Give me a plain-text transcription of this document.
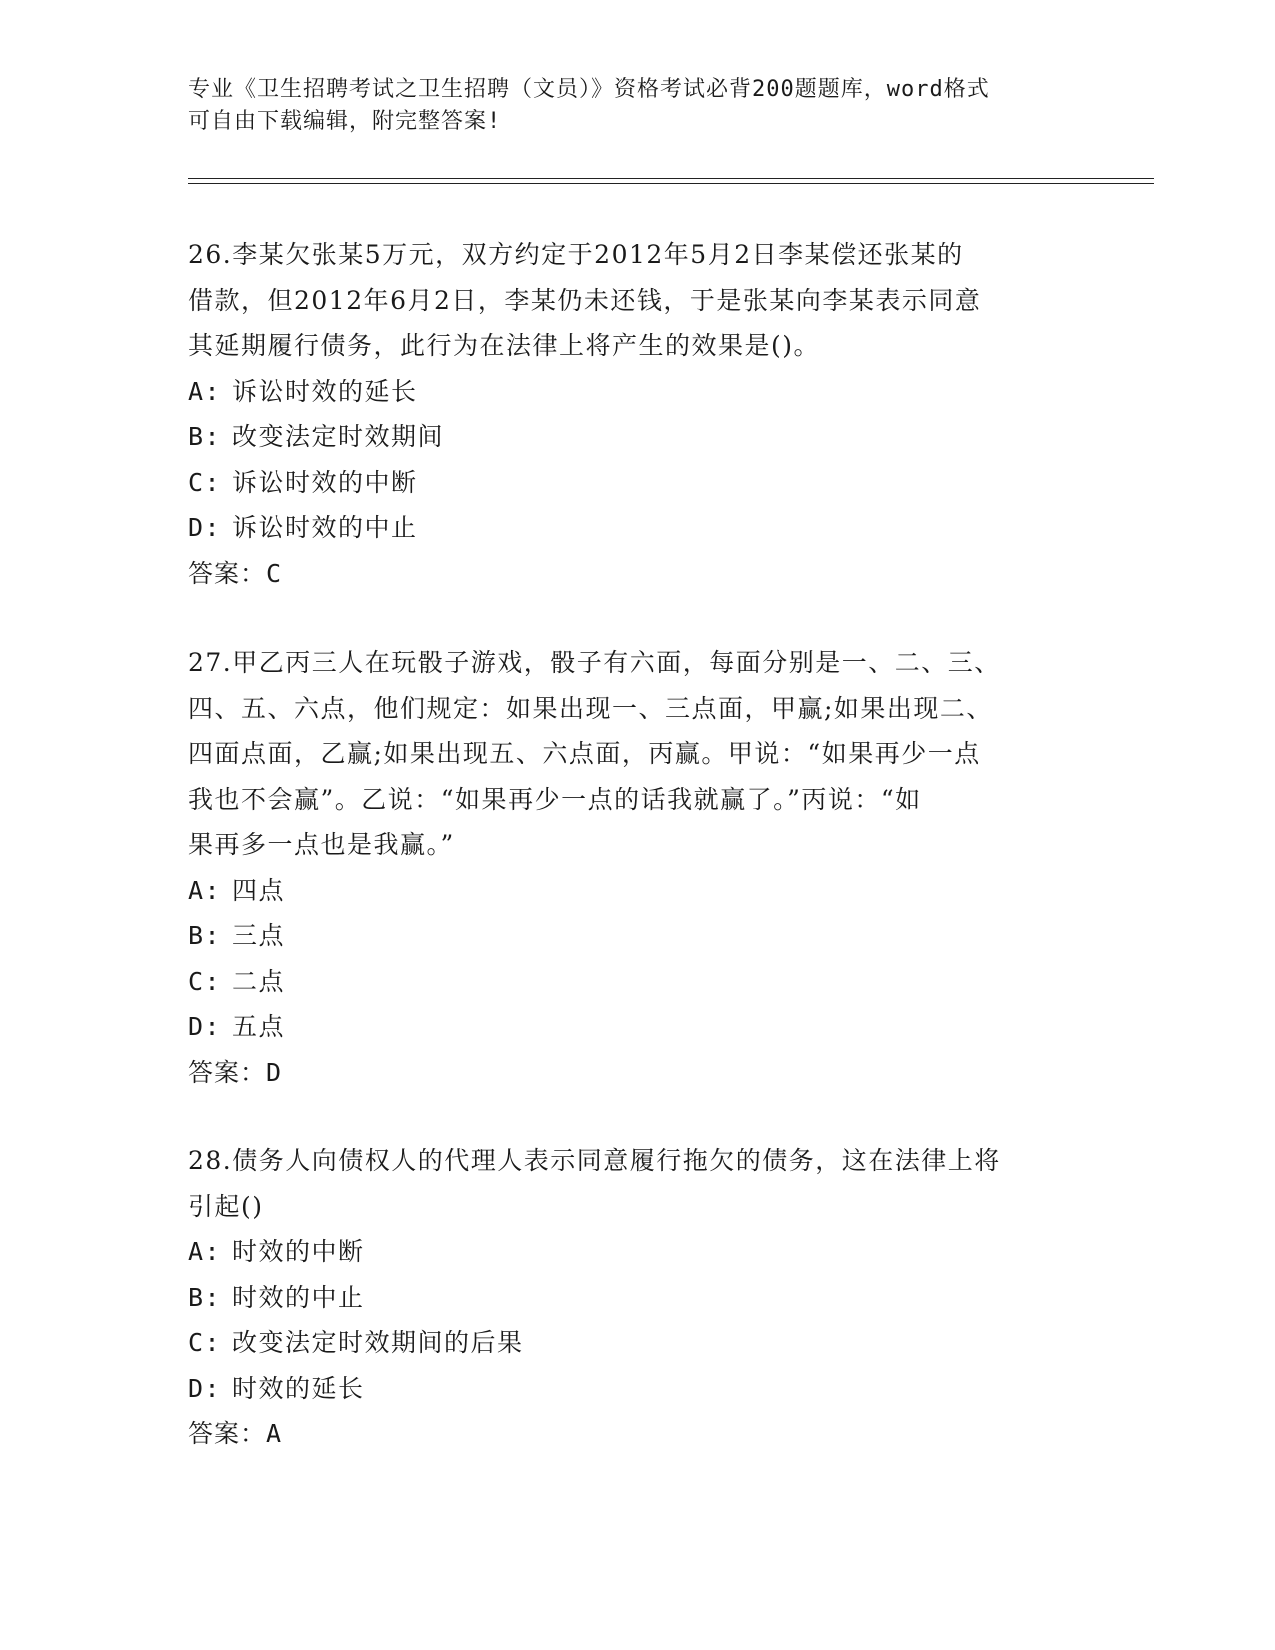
专业《卫生招聘考试之卫生招聘（文员）》资格考试必背200题题库，word格式
可自由下载编辑，附完整答案!
26.李某欠张某5万元，双方约定于2012年5月2日李某偿还张某的
借款，但2012年6月2日，李某仍未还钱，于是张某向李某表示同意
其延期履行债务，此行为在法律上将产生的效果是()。
A: 诉讼时效的延长
B: 改变法定时效期间
C: 诉讼时效的中断
D: 诉讼时效的中止
答案：C
27.甲乙丙三人在玩骰子游戏，骰子有六面，每面分别是一、二、三、
四、五、六点，他们规定：如果出现一、三点面，甲赢;如果出现二、
四面点面，乙赢;如果出现五、六点面，丙赢。甲说：“如果再少一点
我也不会赢”。乙说：“如果再少一点的话我就赢了。”丙说：“如
果再多一点也是我赢。”
A: 四点
B: 三点
C: 二点
D: 五点
答案：D
28.债务人向债权人的代理人表示同意履行拖欠的债务，这在法律上将
引起()
A: 时效的中断
B: 时效的中止
C: 改变法定时效期间的后果
D: 时效的延长
答案：A
